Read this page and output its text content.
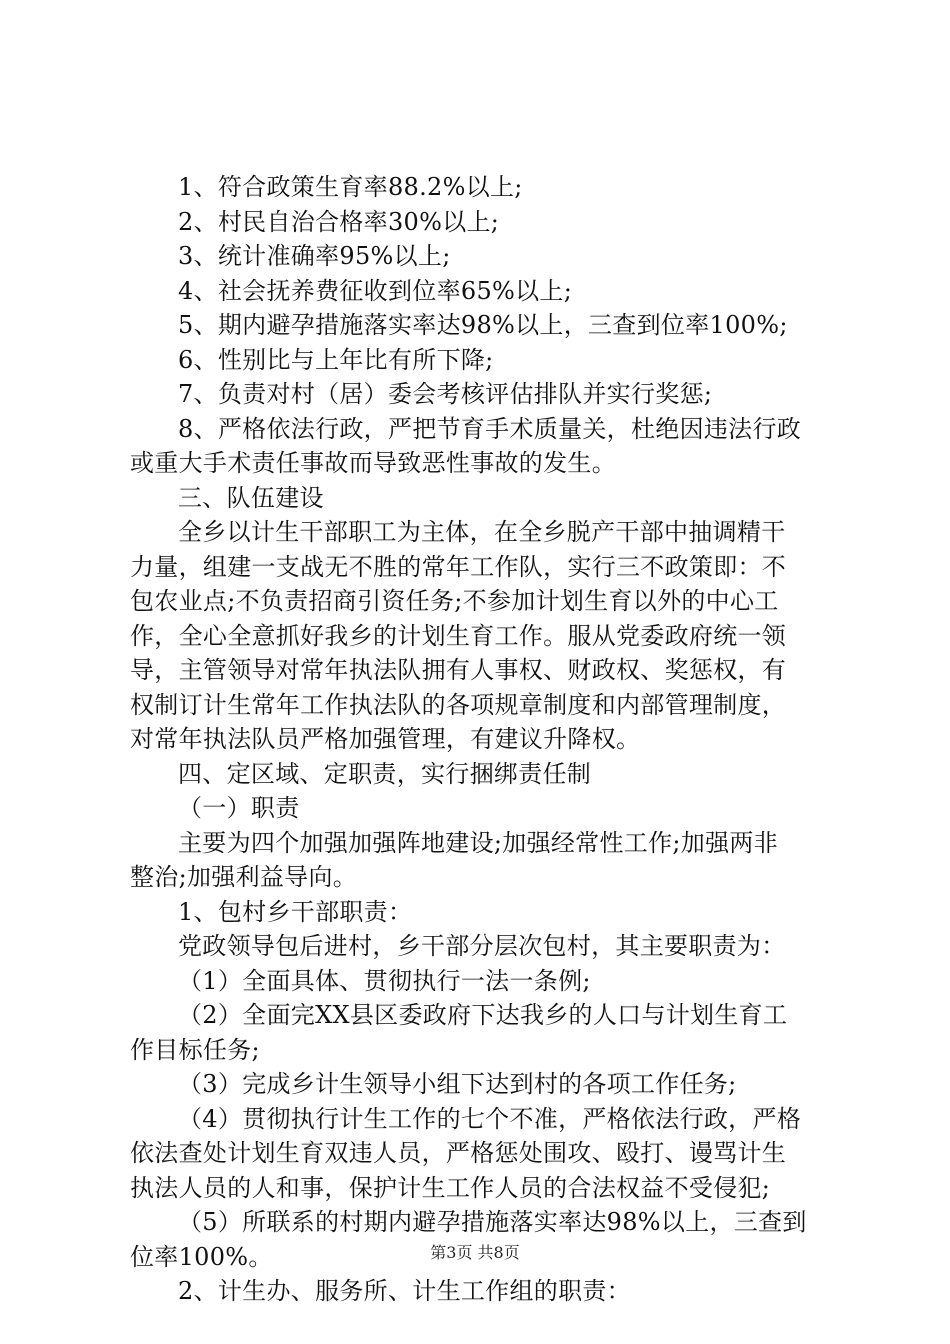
1、符合政策生育率88.2%以上;
2、村民自治合格率30%以上;
3、统计准确率95%以上;
4、社会抚养费征收到位率65%以上;
5、期内避孕措施落实率达98%以上，三查到位率100%;
6、性别比与上年比有所下降;
7、负责对村（居）委会考核评估排队并实行奖惩;
8、严格依法行政，严把节育手术质量关，杜绝因违法行政
或重大手术责任事故而导致恶性事故的发生。
三、队伍建设
全乡以计生干部职工为主体，在全乡脱产干部中抽调精干
力量，组建一支战无不胜的常年工作队，实行三不政策即：不
包农业点;不负责招商引资任务;不参加计划生育以外的中心工
作，全心全意抓好我乡的计划生育工作。服从党委政府统一领
导，主管领导对常年执法队拥有人事权、财政权、奖惩权，有
权制订计生常年工作执法队的各项规章制度和内部管理制度，
对常年执法队员严格加强管理，有建议升降权。
四、定区域、定职责，实行捆绑责任制
（一）职责
主要为四个加强加强阵地建设;加强经常性工作;加强两非
整治;加强利益导向。
1、包村乡干部职责：
党政领导包后进村，乡干部分层次包村，其主要职责为：
（1）全面具体、贯彻执行一法一条例;
（2）全面完XX县区委政府下达我乡的人口与计划生育工
作目标任务;
（3）完成乡计生领导小组下达到村的各项工作任务;
（4）贯彻执行计生工作的七个不准，严格依法行政，严格
依法查处计划生育双违人员，严格惩处围攻、殴打、谩骂计生
执法人员的人和事，保护计生工作人员的合法权益不受侵犯;
（5）所联系的村期内避孕措施落实率达98%以上，三查到
位率100%。
2、计生办、服务所、计生工作组的职责：
第3页 共8页
